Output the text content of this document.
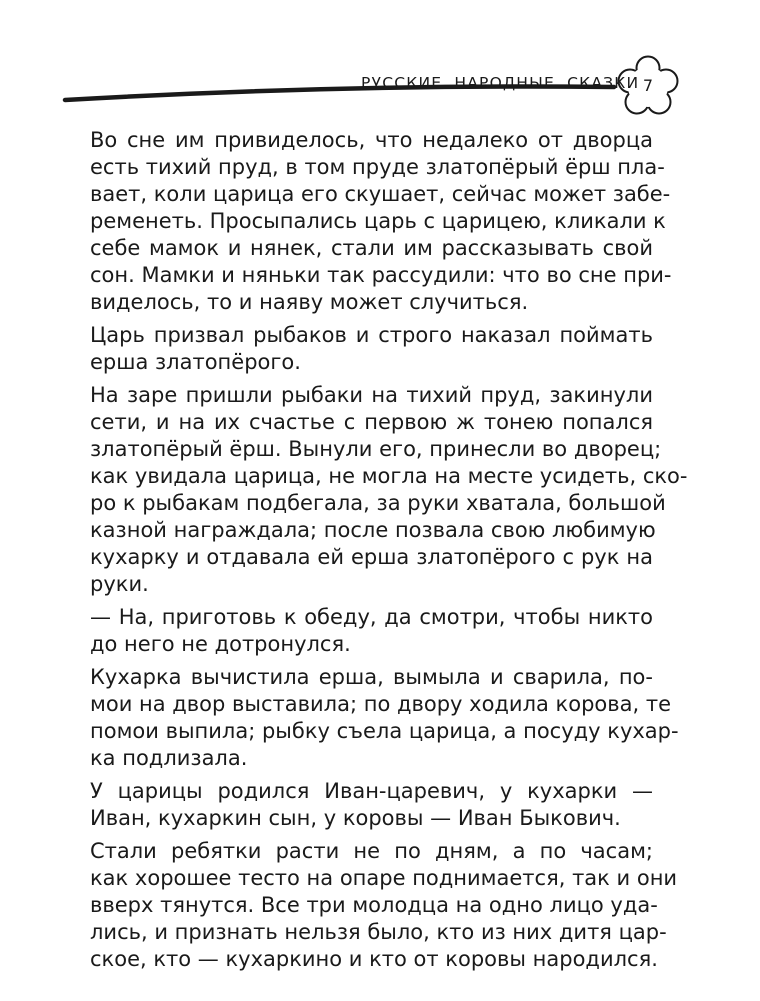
РУССКИЕ НАРОДНЫЕ СКАЗКИ 7
Во сне им привиделось, что недалеко от дворца
есть тихий пруд, в том пруде златопёрый ёрш пла-
вает, коли царица его скушает, сейчас может забе-
ременеть. Просыпались царь с царицею, кликали к
себе мамок и нянек, стали им рассказывать свой
сон. Мамки и няньки так рассудили: что во сне при-
виделось, то и наяву может случиться.
Царь призвал рыбаков и строго наказал поймать
ерша златопёрого.
На заре пришли рыбаки на тихий пруд, закинули
сети, и на их счастье с первою ж тонею попался
златопёрый ёрш. Вынули его, принесли во дворец;
как увидала царица, не могла на месте усидеть, ско-
ро к рыбакам подбегала, за руки хватала, большой
казной награждала; после позвала свою любимую
кухарку и отдавала ей ерша златопёрого с рук на
руки.
— На, приготовь к обеду, да смотри, чтобы никто
до него не дотронулся.
Кухарка вычистила ерша, вымыла и сварила, по-
мои на двор выставила; по двору ходила корова, те
помои выпила; рыбку съела царица, а посуду кухар-
ка подлизала.
У царицы родился Иван-царевич, у кухарки —
Иван, кухаркин сын, у коровы — Иван Быкович.
Стали ребятки расти не по дням, а по часам;
как хорошее тесто на опаре поднимается, так и они
вверх тянутся. Все три молодца на одно лицо уда-
лись, и признать нельзя было, кто из них дитя цар-
ское, кто — кухаркино и кто от коровы народился.
